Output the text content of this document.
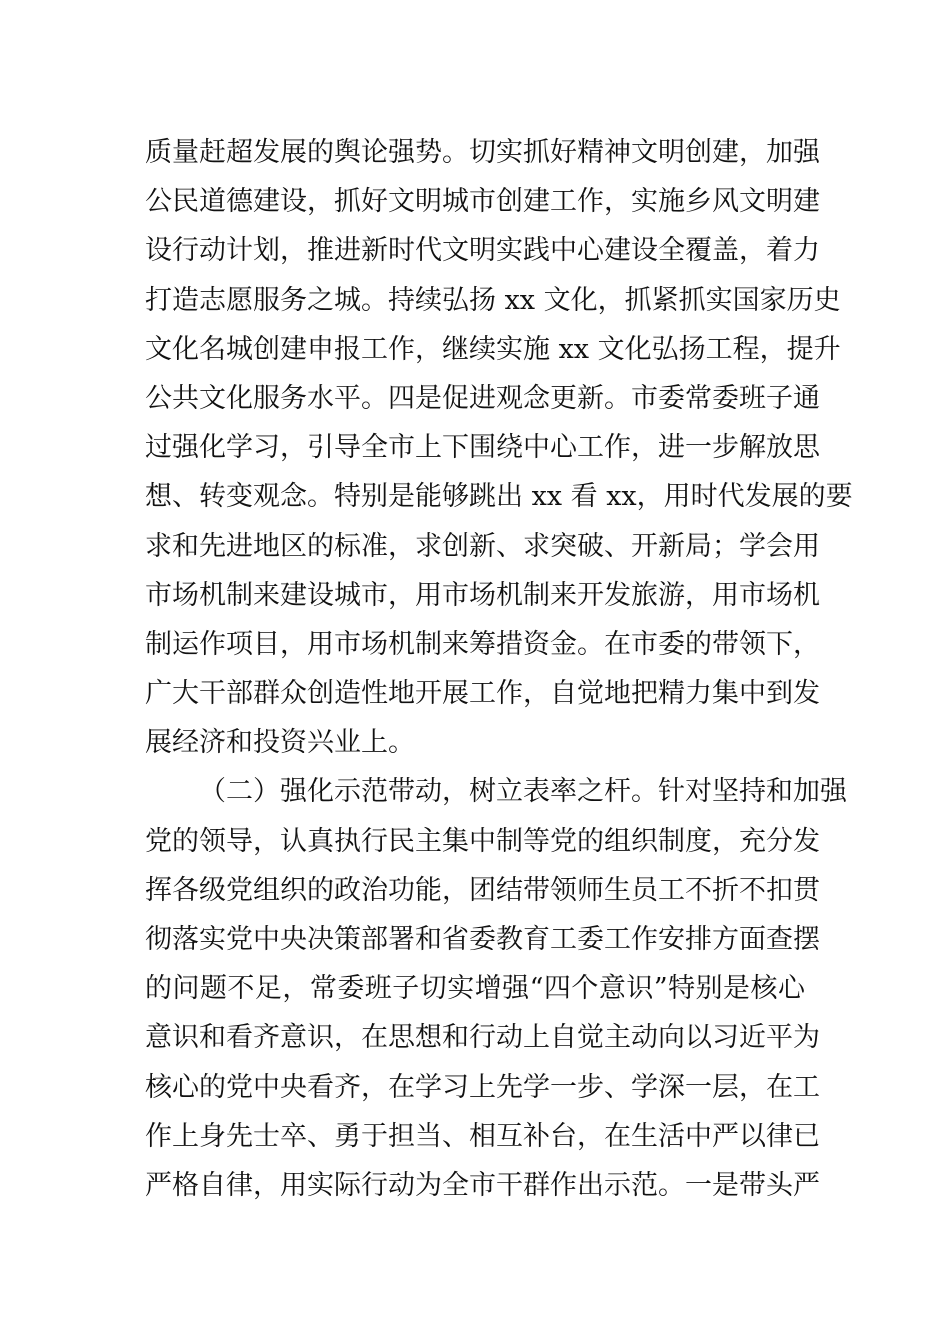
质量赶超发展的舆论强势。切实抓好精神文明创建，加强
公民道德建设，抓好文明城市创建工作，实施乡风文明建
设行动计划，推进新时代文明实践中心建设全覆盖，着力
打造志愿服务之城。持续弘扬 xx 文化，抓紧抓实国家历史
文化名城创建申报工作，继续实施 xx 文化弘扬工程，提升
公共文化服务水平。四是促进观念更新。市委常委班子通
过强化学习，引导全市上下围绕中心工作，进一步解放思
想、转变观念。特别是能够跳出 xx 看 xx，用时代发展的要
求和先进地区的标准，求创新、求突破、开新局；学会用
市场机制来建设城市，用市场机制来开发旅游，用市场机
制运作项目，用市场机制来筹措资金。在市委的带领下，
广大干部群众创造性地开展工作，自觉地把精力集中到发
展经济和投资兴业上。
（二）强化示范带动，树立表率之杆。针对坚持和加强
党的领导，认真执行民主集中制等党的组织制度，充分发
挥各级党组织的政治功能，团结带领师生员工不折不扣贯
彻落实党中央决策部署和省委教育工委工作安排方面查摆
的问题不足，常委班子切实增强“四个意识”特别是核心
意识和看齐意识，在思想和行动上自觉主动向以习近平为
核心的党中央看齐，在学习上先学一步、学深一层，在工
作上身先士卒、勇于担当、相互补台，在生活中严以律已
严格自律，用实际行动为全市干群作出示范。一是带头严
